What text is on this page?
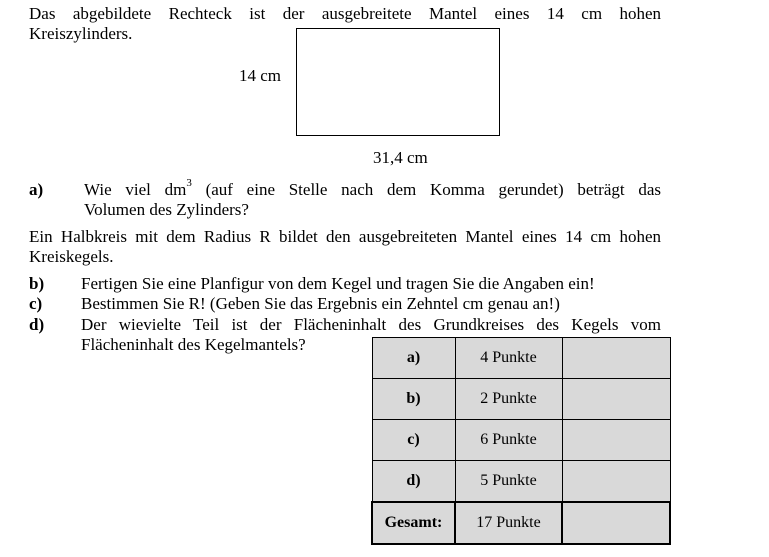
Das abgebildete Rechteck ist der ausgebreitete Mantel eines 14 cm hohen
Kreiszylinders.
14 cm
31,4 cm
a) Wie viel $dm^3$ (auf eine Stelle nach dem Komma gerundet) beträgt das
Volumen des Zylinders?
Ein Halbkreis mit dem Radius R bildet den ausgebreiteten Mantel eines 14 cm hohen
Kreiskegels.
b) Fertigen Sie eine Planfigur von dem Kegel und tragen Sie die Angaben ein!
c) Bestimmen Sie R! (Geben Sie das Ergebnis ein Zehntel cm genau an!)
d) Der wievielte Teil ist der Flächeninhalt des Grundkreises des Kegels vom
Flächeninhalt des Kegelmantels?
a)	4 Punkte	
b)	2 Punkte	
c)	6 Punkte	
d)	5 Punkte	
Gesamt:	17 Punkte	
